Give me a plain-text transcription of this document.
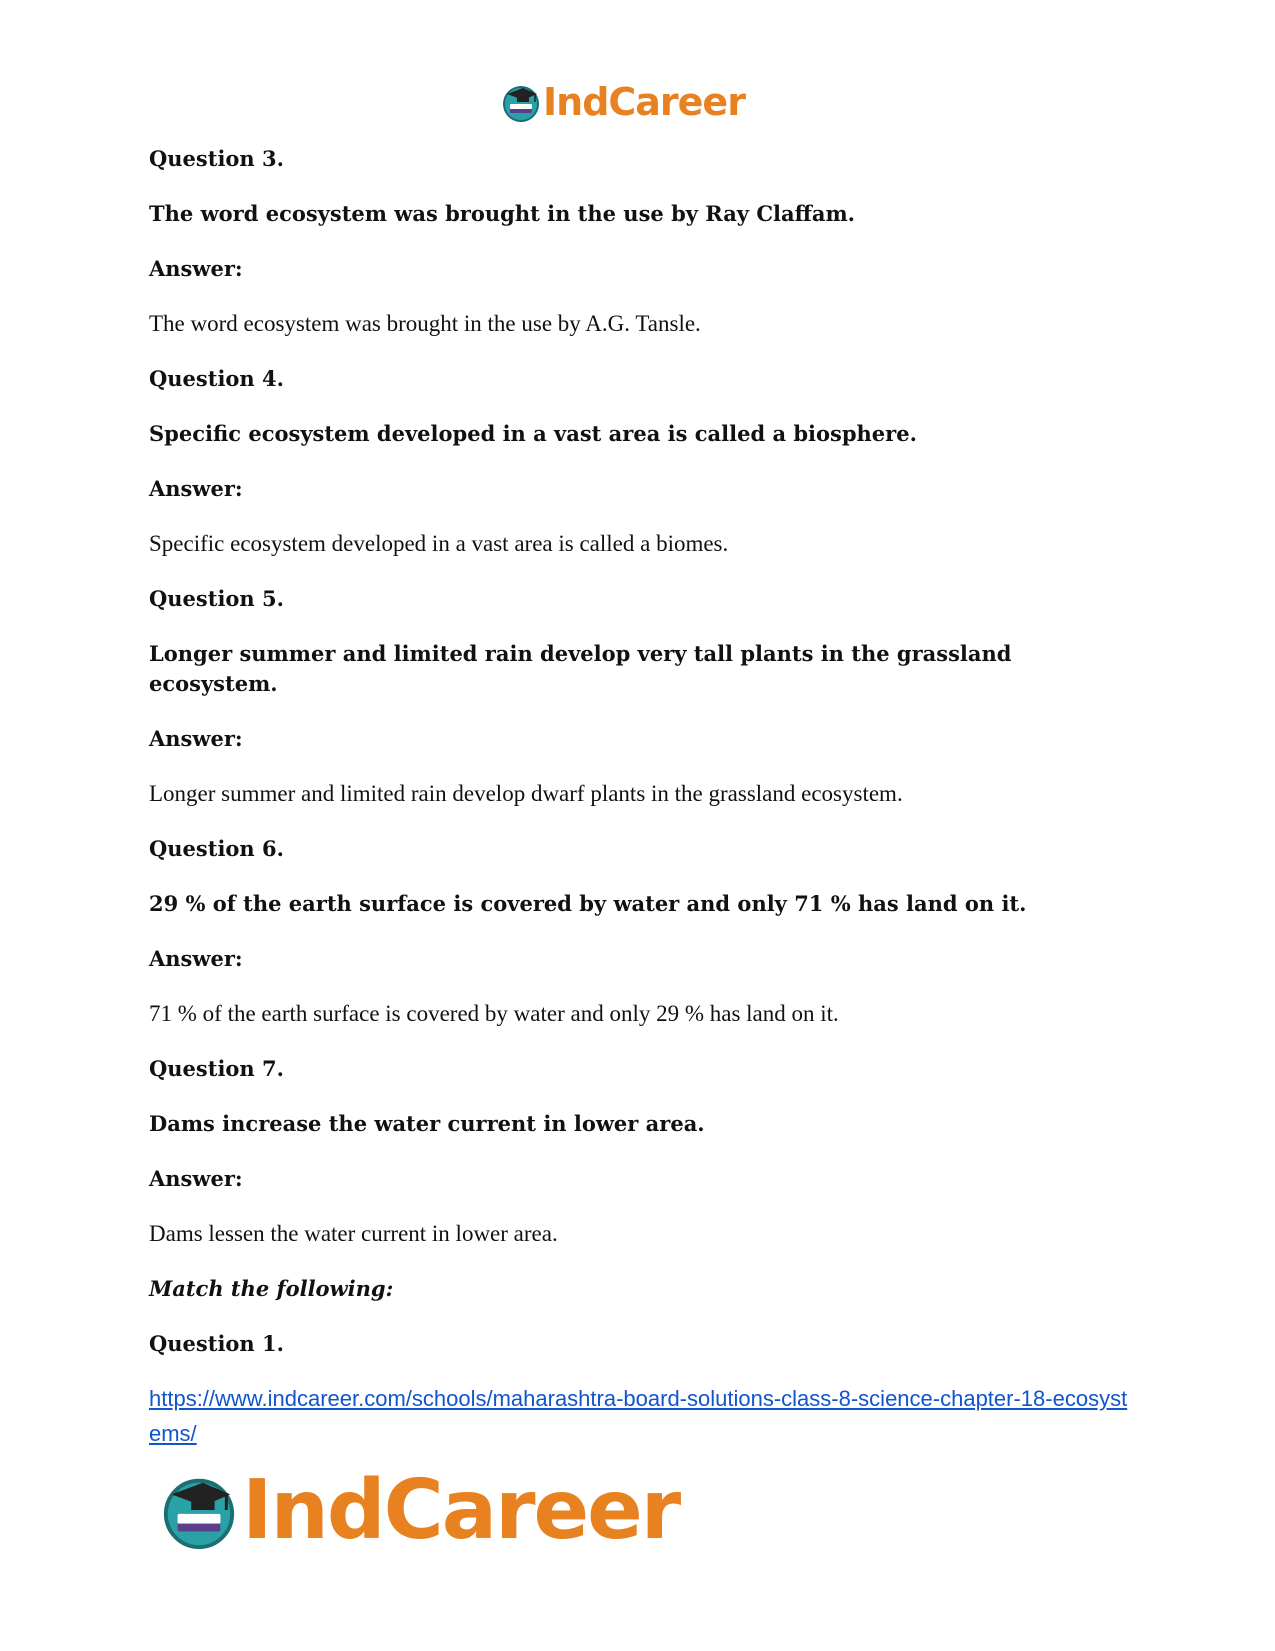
IndCareer

Question 3.

The word ecosystem was brought in the use by Ray Claffam.

Answer:

The word ecosystem was brought in the use by A.G. Tansle.

Question 4.

Specific ecosystem developed in a vast area is called a biosphere.

Answer:

Specific ecosystem developed in a vast area is called a biomes.

Question 5.

Longer summer and limited rain develop very tall plants in the grassland ecosystem.

Answer:

Longer summer and limited rain develop dwarf plants in the grassland ecosystem.

Question 6.

29 % of the earth surface is covered by water and only 71 % has land on it.

Answer:

71 % of the earth surface is covered by water and only 29 % has land on it.

Question 7.

Dams increase the water current in lower area.

Answer:

Dams lessen the water current in lower area.

Match the following:

Question 1.

https://www.indcareer.com/schools/maharashtra-board-solutions-class-8-science-chapter-18-ecosystems/
IndCareer
